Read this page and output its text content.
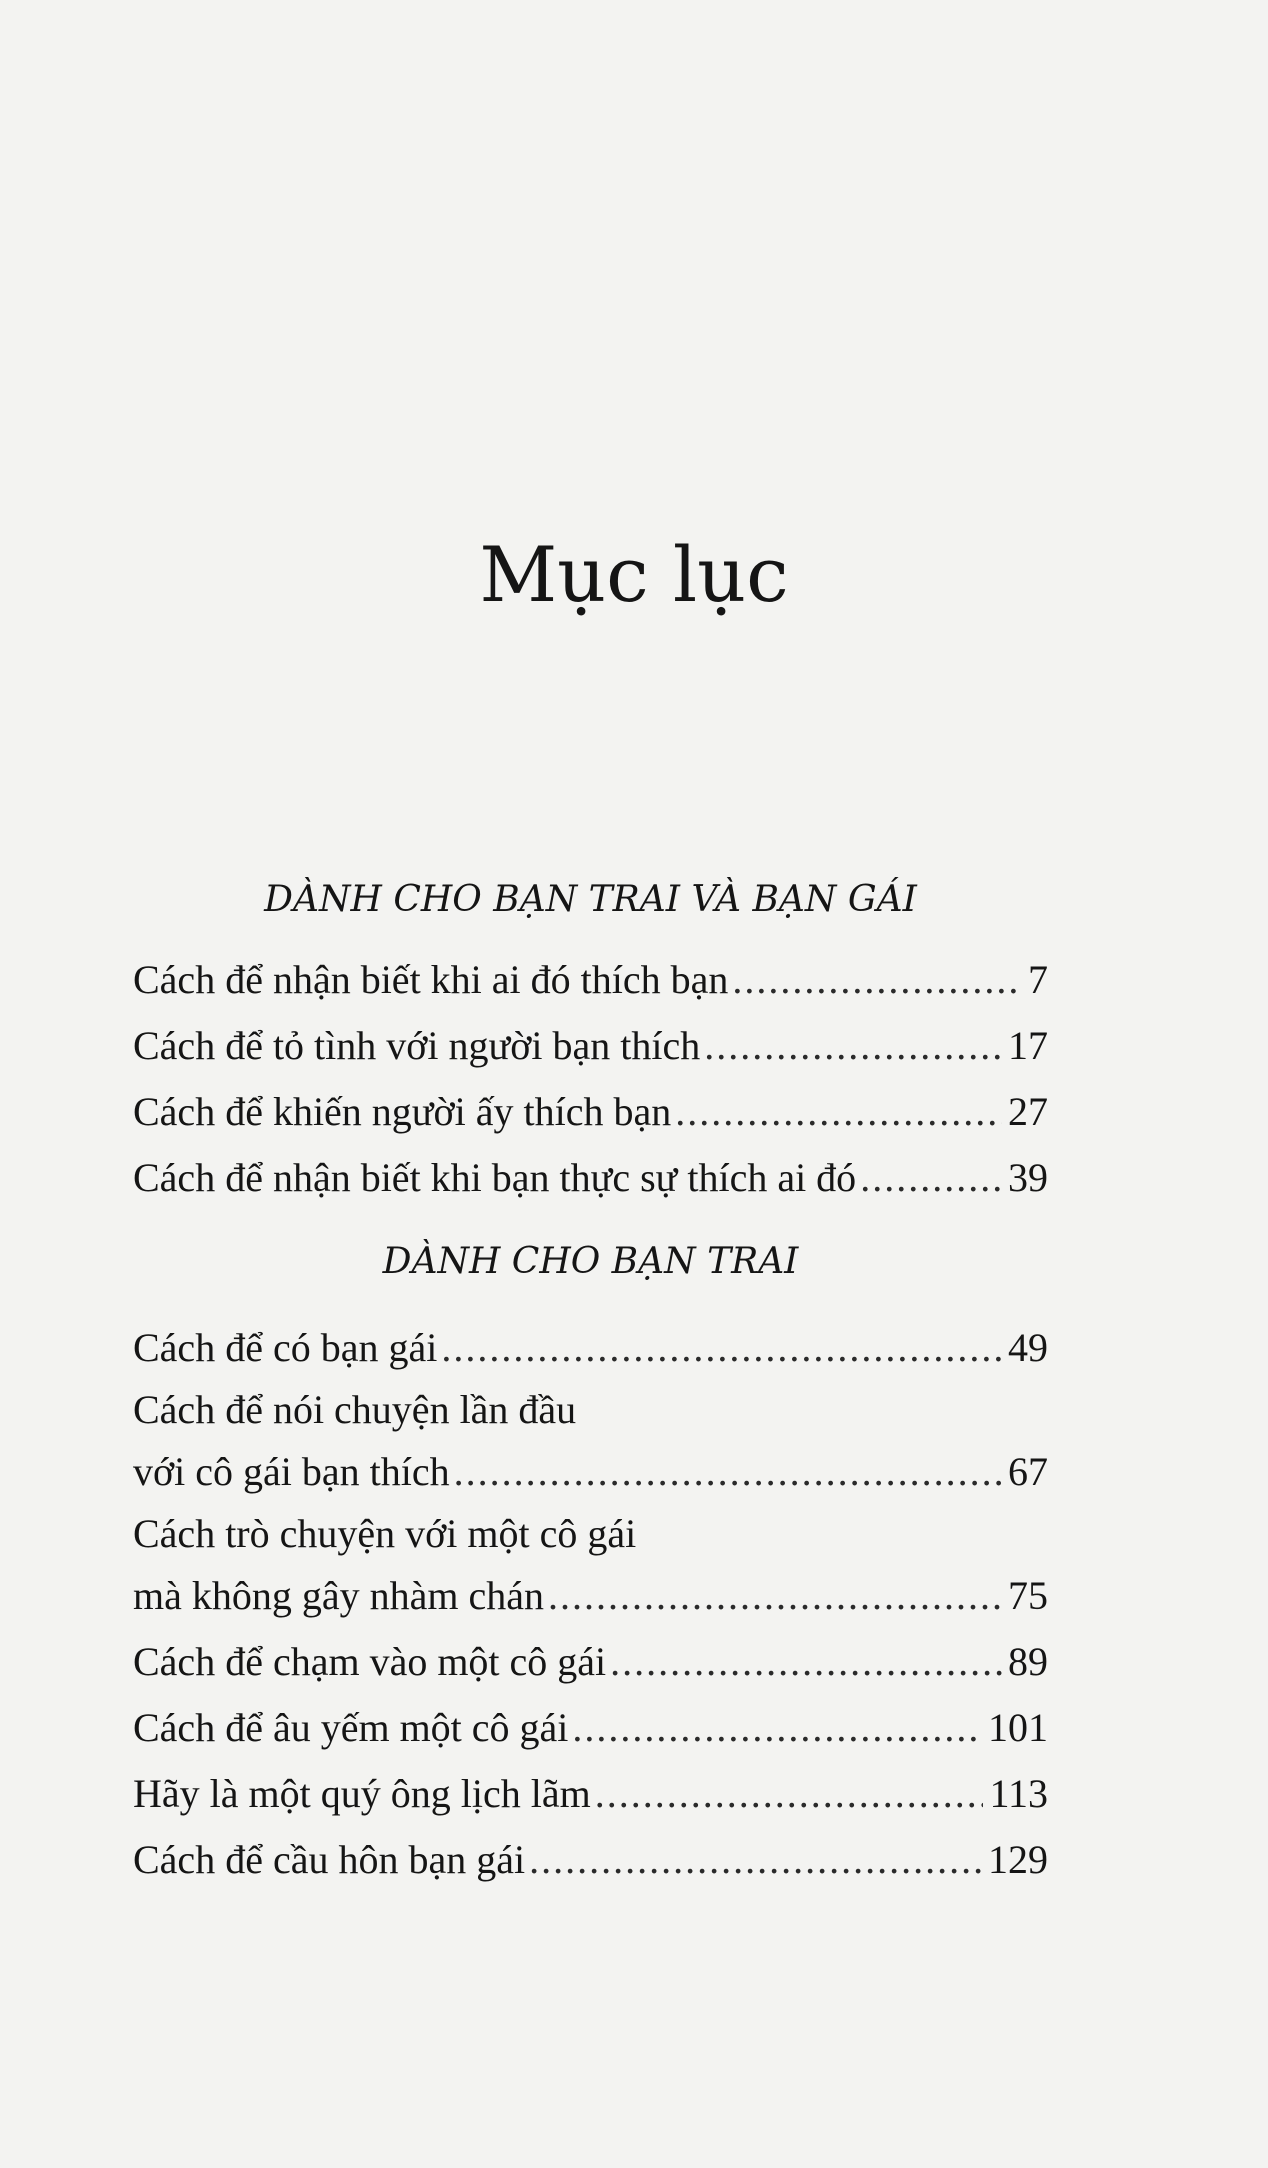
Mục lục
DÀNH CHO BẠN TRAI VÀ BẠN GÁI
Cách để nhận biết khi ai đó thích bạn .....	7
Cách để tỏ tình với người bạn thích .....	17
Cách để khiến người ấy thích bạn .....	27
Cách để nhận biết khi bạn thực sự thích ai đó .....	39
DÀNH CHO BẠN TRAI
Cách để có bạn gái .....	49
Cách để nói chuyện lần đầu
với cô gái bạn thích .....	67
Cách trò chuyện với một cô gái
mà không gây nhàm chán .....	75
Cách để chạm vào một cô gái .....	89
Cách để âu yếm một cô gái .....	101
Hãy là một quý ông lịch lãm .....	113
Cách để cầu hôn bạn gái .....	129
